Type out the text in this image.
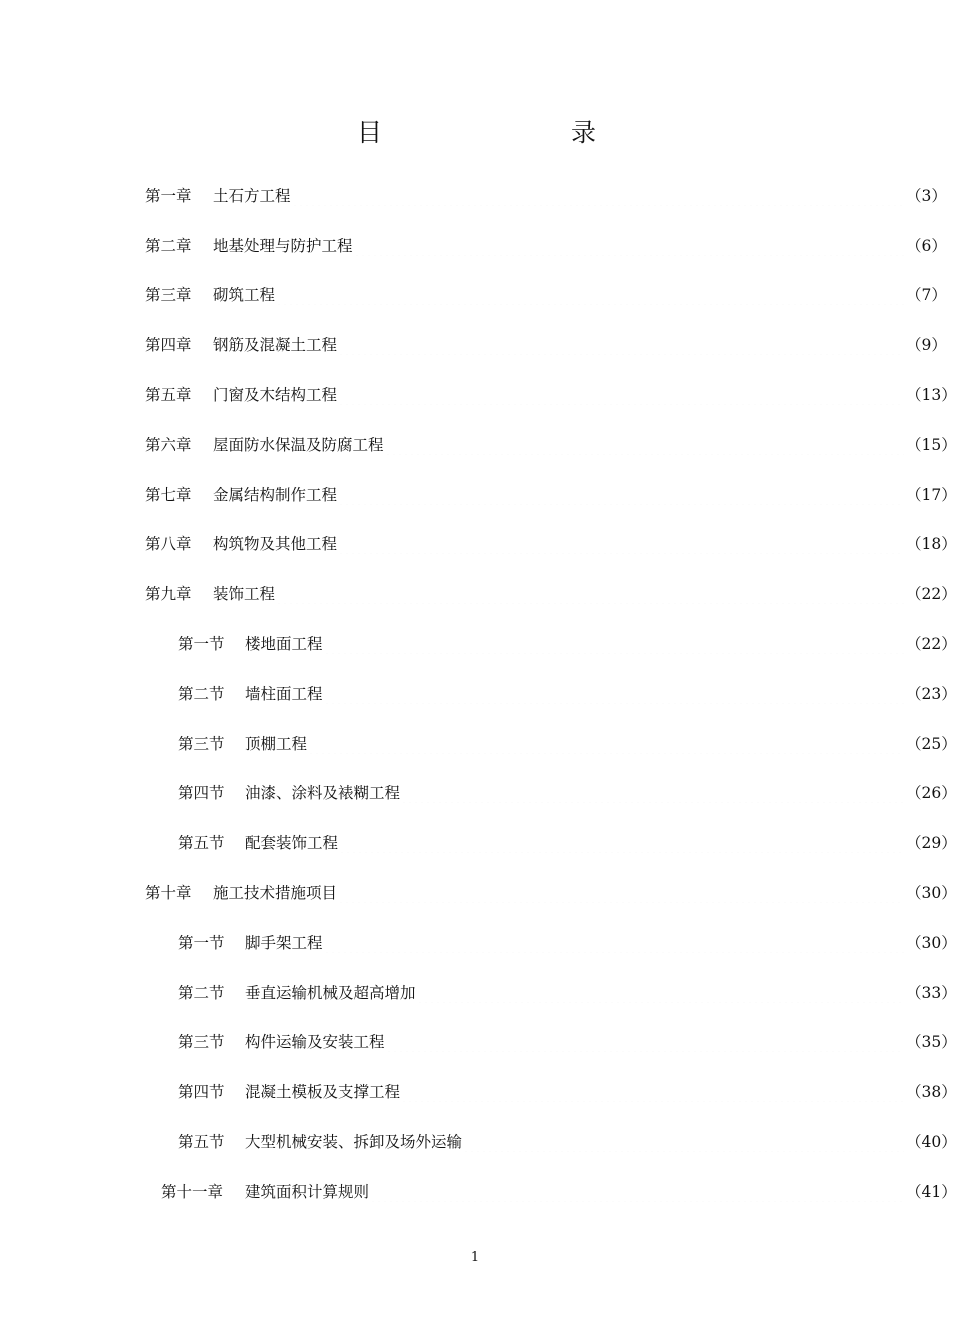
目	录
第一章	土石方工程	（3）
第二章	地基处理与防护工程	（6）
第三章	砌筑工程	（7）
第四章	钢筋及混凝土工程	（9）
第五章	门窗及木结构工程	（13）
第六章	屋面防水保温及防腐工程	（15）
第七章	金属结构制作工程	（17）
第八章	构筑物及其他工程	（18）
第九章	装饰工程	（22）
第一节	楼地面工程	（22）
第二节	墙柱面工程	（23）
第三节	顶棚工程	（25）
第四节	油漆、涂料及裱糊工程	（26）
第五节	配套装饰工程	（29）
第十章	施工技术措施项目	（30）
第一节	脚手架工程	（30）
第二节	垂直运输机械及超高增加	（33）
第三节	构件运输及安装工程	（35）
第四节	混凝土模板及支撑工程	（38）
第五节	大型机械安装、拆卸及场外运输	（40）
第十一章	建筑面积计算规则	（41）
1
